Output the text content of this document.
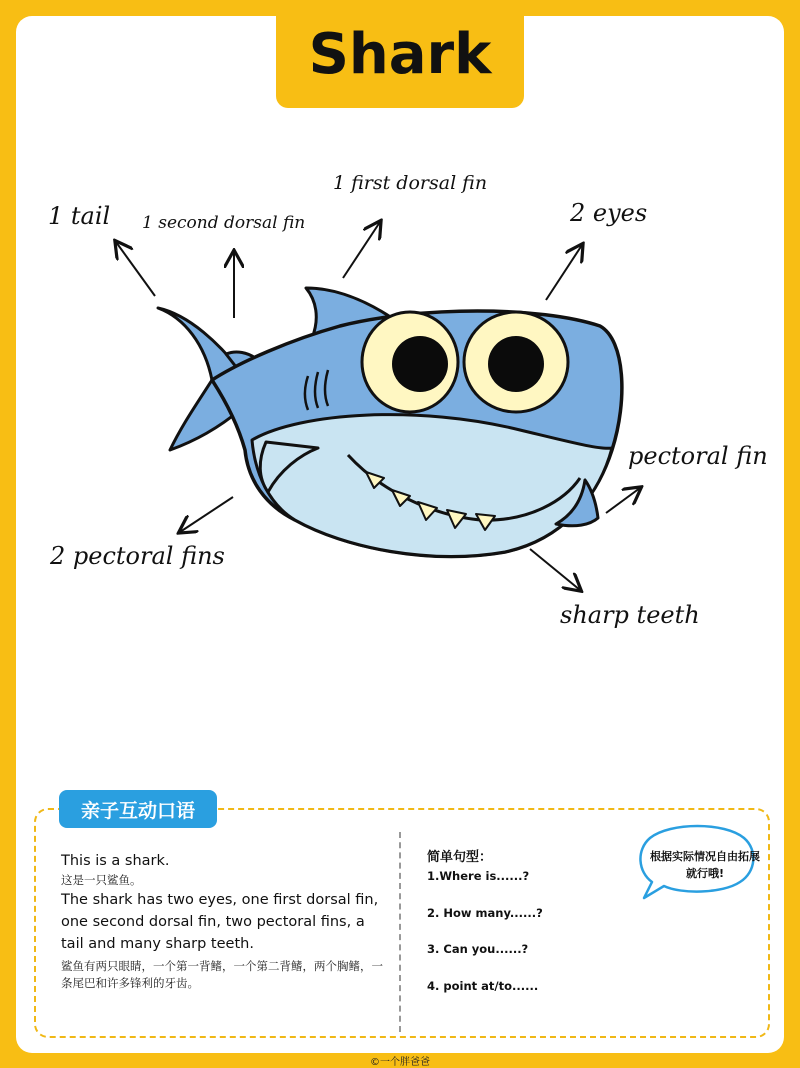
Shark
1 tail 1 second dorsal fin
1 first dorsal fin
2 eyes
pectoral fin
2 pectoral fins
sharp teeth
亲子互动口语
This is a shark.
这是一只鲨鱼。
The shark has two eyes, one first dorsal fin, one second dorsal fin, two pectoral fins, a tail and many sharp teeth.
鲨鱼有两只眼睛，一个第一背鳍，一个第二背鳍，两个胸鳍，一条尾巴和许多锋利的牙齿。
简单句型：
1.Where is......?
2. How many......?
3. Can you......?
4. point at/to......
根据实际情况自由拓展就行哦!
©一个胖爸爸
